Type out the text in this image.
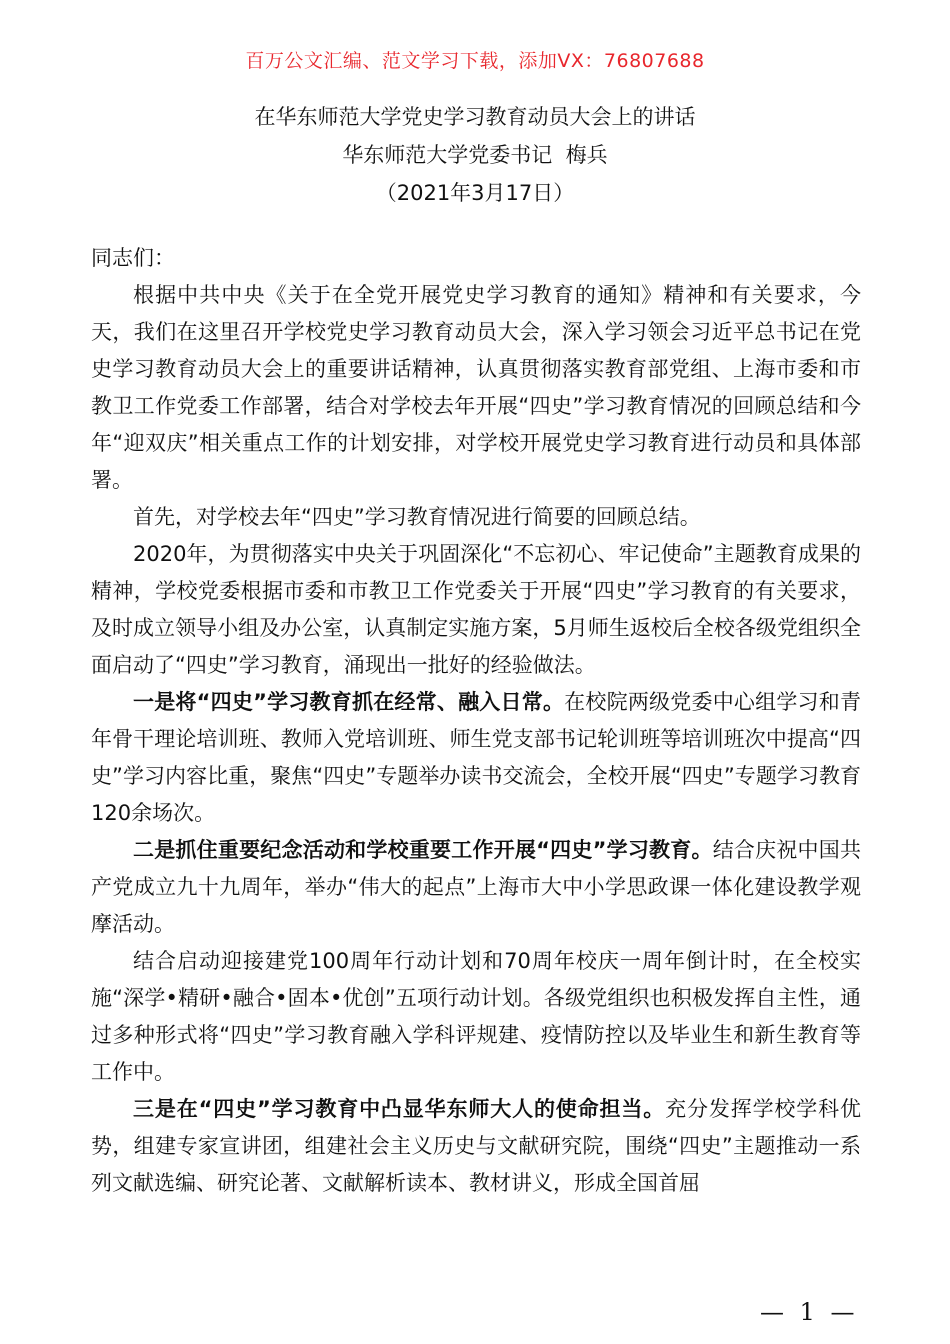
百万公文汇编、范文学习下载，添加VX：76807688
在华东师范大学党史学习教育动员大会上的讲话
华东师范大学党委书记  梅兵
（2021年3月17日）

同志们：

根据中共中央《关于在全党开展党史学习教育的通知》精神和有关要求，今天，我们在这里召开学校党史学习教育动员大会，深入学习领会习近平总书记在党史学习教育动员大会上的重要讲话精神，认真贯彻落实教育部党组、上海市委和市教卫工作党委工作部署，结合对学校去年开展“四史”学习教育情况的回顾总结和今年“迎双庆”相关重点工作的计划安排，对学校开展党史学习教育进行动员和具体部署。

首先，对学校去年“四史”学习教育情况进行简要的回顾总结。

2020年，为贯彻落实中央关于巩固深化“不忘初心、牢记使命”主题教育成果的精神，学校党委根据市委和市教卫工作党委关于开展“四史”学习教育的有关要求，及时成立领导小组及办公室，认真制定实施方案，5月师生返校后全校各级党组织全面启动了“四史”学习教育，涌现出一批好的经验做法。

一是将“四史”学习教育抓在经常、融入日常。在校院两级党委中心组学习和青年骨干理论培训班、教师入党培训班、师生党支部书记轮训班等培训班次中提高“四史”学习内容比重，聚焦“四史”专题举办读书交流会，全校开展“四史”专题学习教育120余场次。

二是抓住重要纪念活动和学校重要工作开展“四史”学习教育。结合庆祝中国共产党成立九十九周年，举办“伟大的起点”上海市大中小学思政课一体化建设教学观摩活动。

结合启动迎接建党100周年行动计划和70周年校庆一周年倒计时，在全校实施“深学•精研•融合•固本•优创”五项行动计划。各级党组织也积极发挥自主性，通过多种形式将“四史”学习教育融入学科评规建、疫情防控以及毕业生和新生教育等工作中。

三是在“四史”学习教育中凸显华东师大人的使命担当。充分发挥学校学科优势，组建专家宣讲团，组建社会主义历史与文献研究院，围绕“四史”主题推动一系列文献选编、研究论著、文献解析读本、教材讲义，形成全国首屈

— 1 —
